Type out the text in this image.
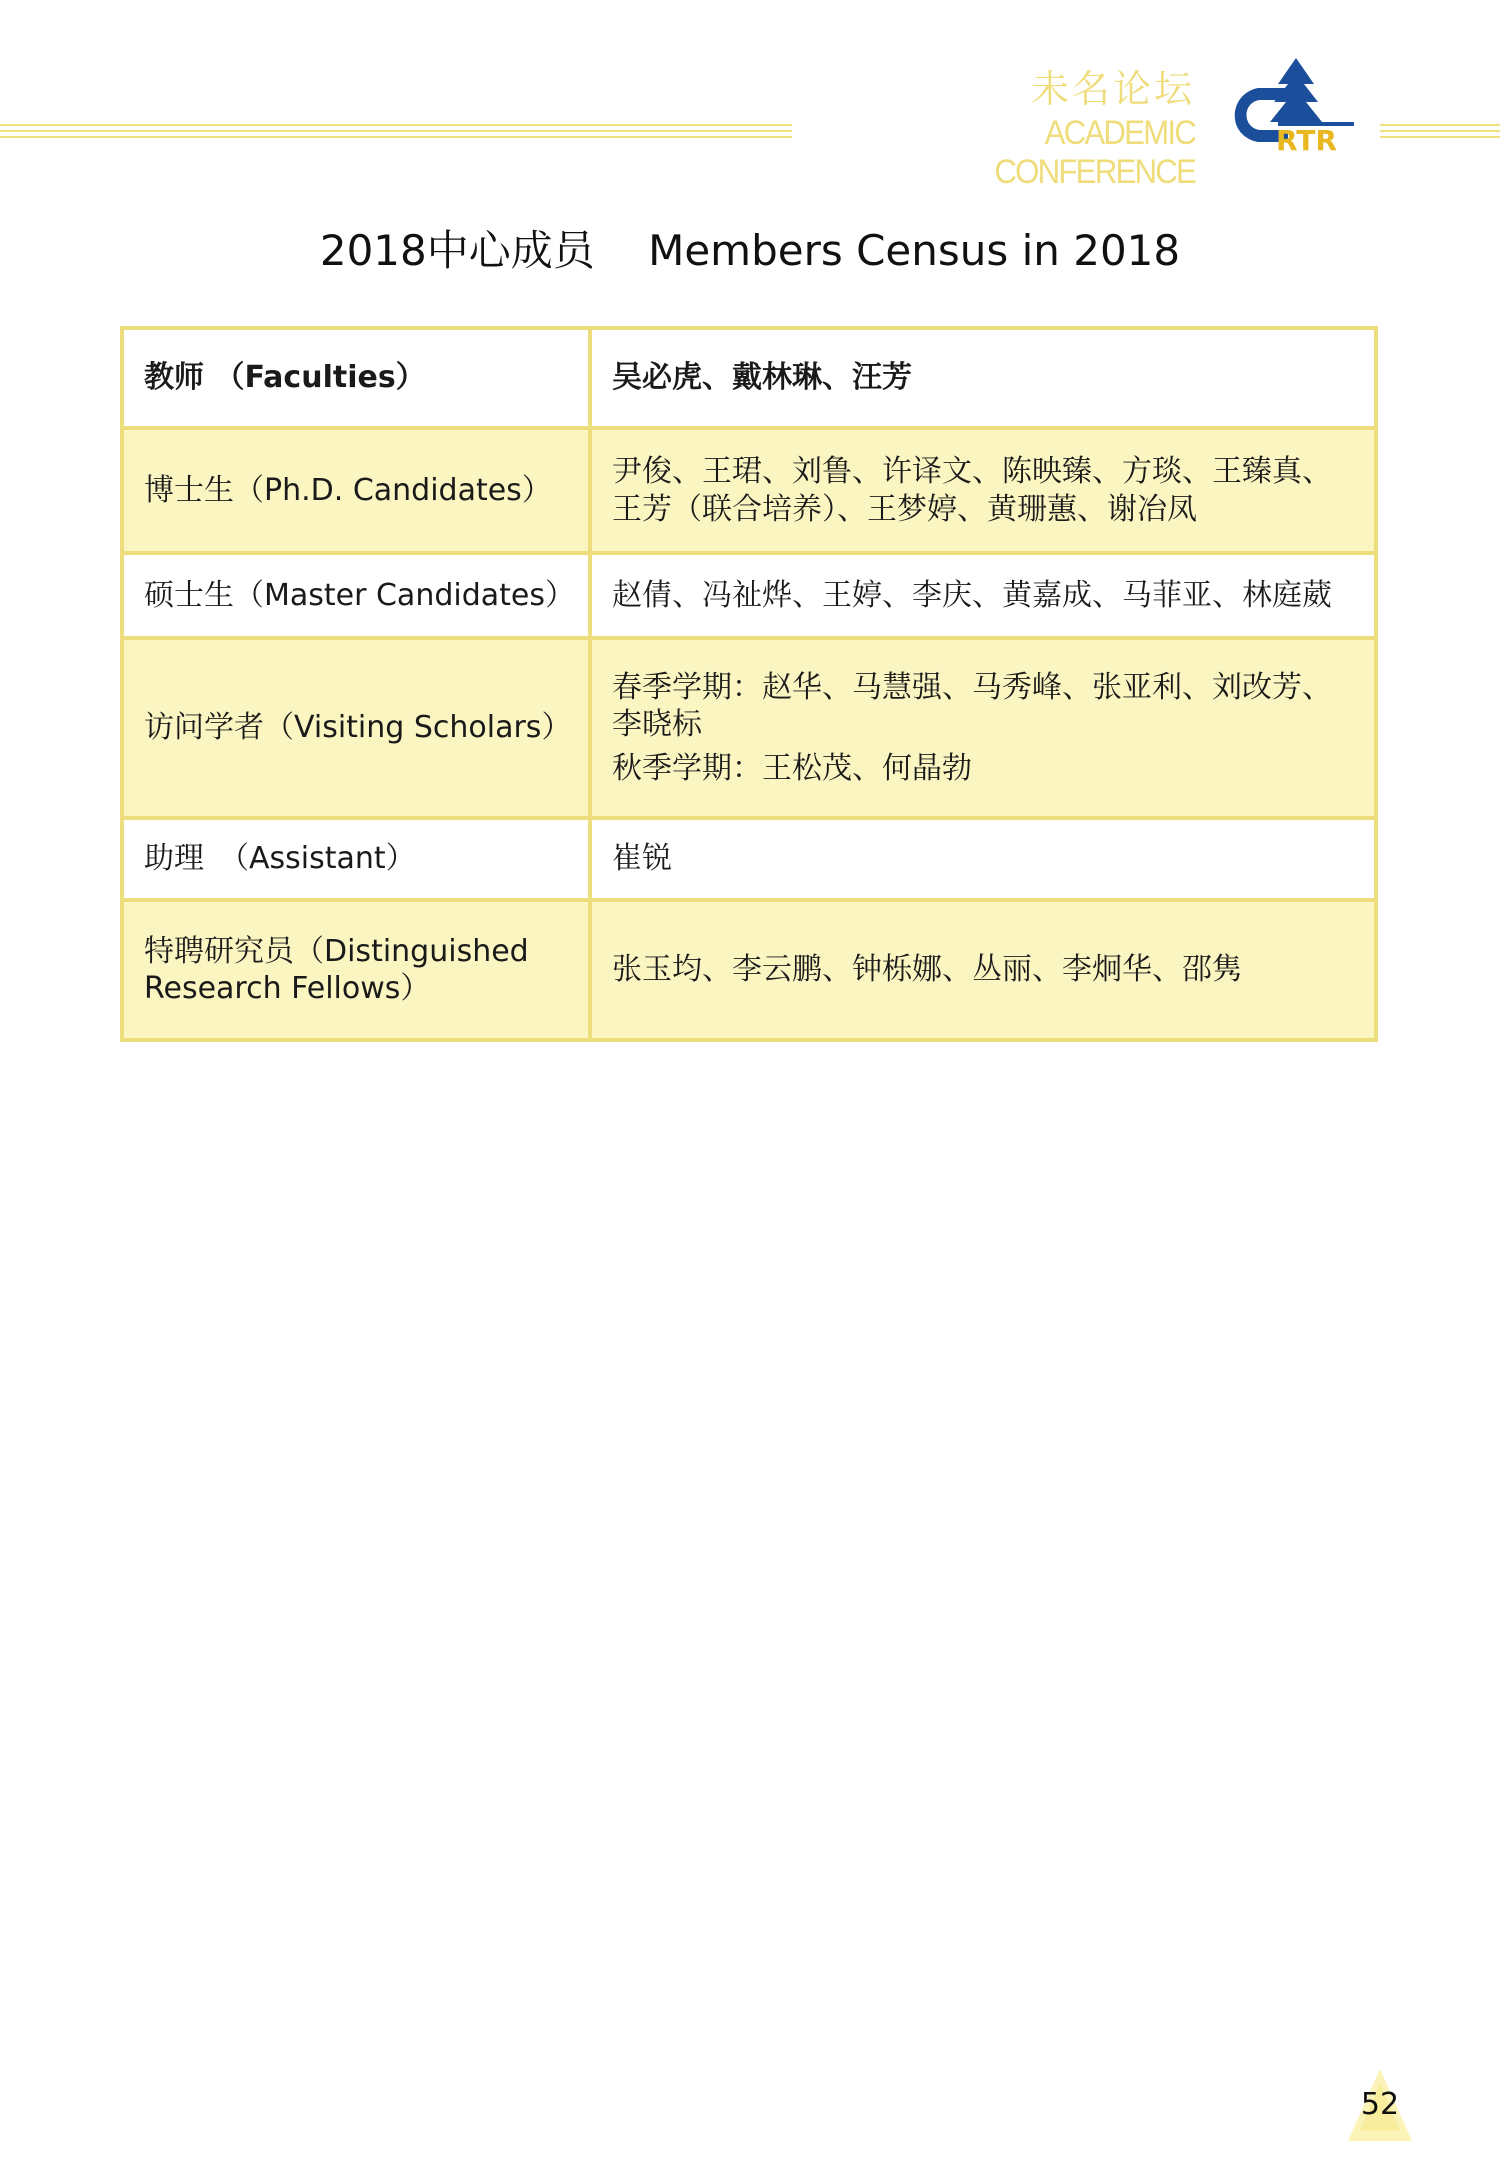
未名论坛
ACADEMIC CONFERENCE
RTR
2018中心成员 Members Census in 2018
教师 （Faculties）	吴必虎、戴林琳、汪芳

博士生（Ph.D. Candidates）	尹俊、王珺、刘鲁、许译文、陈映臻、方琰、王臻真、
王芳（联合培养）、王梦婷、黄珊蕙、谢冶凤

硕士生（Master Candidates）	赵倩、冯祉烨、王婷、李庆、黄嘉成、马菲亚、林庭葳

访问学者（Visiting Scholars）	春季学期：赵华、马慧强、马秀峰、张亚利、刘改芳、
李晓标
秋季学期：王松茂、何晶勃

助理　（Assistant）	崔锐

特聘研究员（Distinguished Research Fellows）	张玉均、李云鹏、钟栎娜、丛丽、李炯华、邵隽
52
